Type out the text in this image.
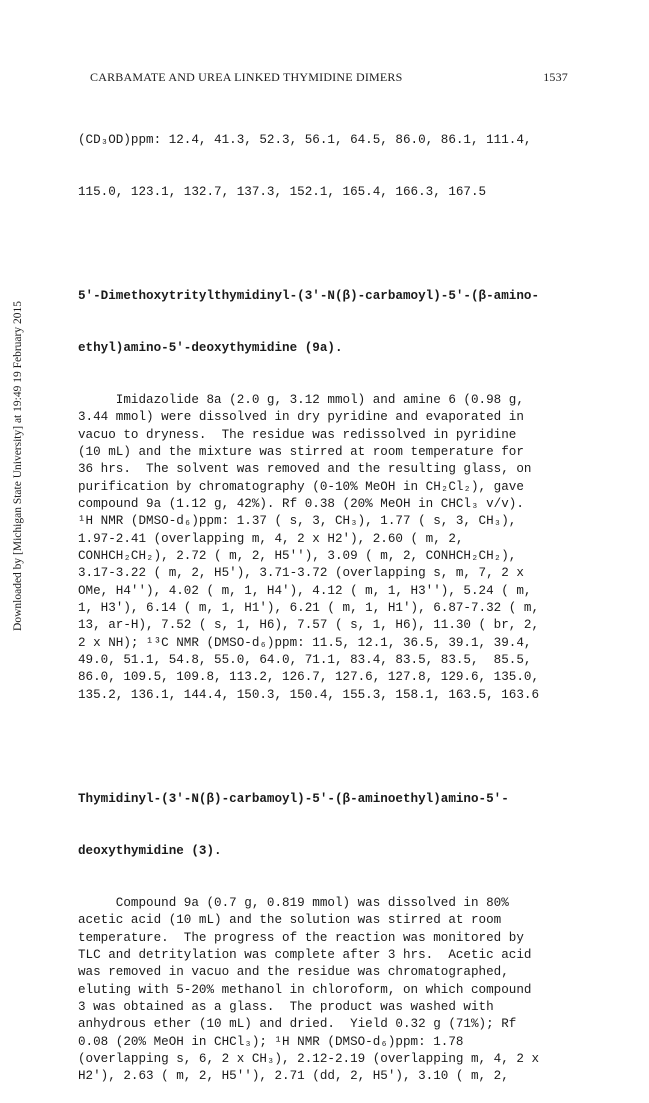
CARBAMATE AND UREA LINKED THYMIDINE DIMERS	1537
Downloaded by [Michigan State University] at 19:49 19 February 2015

(CD₃OD)ppm: 12.4, 41.3, 52.3, 56.1, 64.5, 86.0, 86.1, 111.4,

115.0, 123.1, 132.7, 137.3, 152.1, 165.4, 166.3, 167.5

5'-Dimethoxytritylthymidinyl-(3'-N(β)-carbamoyl)-5'-(β-amino-

ethyl)amino-5'-deoxythymidine (9a).

Imidazolide 8a (2.0 g, 3.12 mmol) and amine 6 (0.98 g,
3.44 mmol) were dissolved in dry pyridine and evaporated in
vacuo to dryness.  The residue was redissolved in pyridine
(10 mL) and the mixture was stirred at room temperature for
36 hrs.  The solvent was removed and the resulting glass, on
purification by chromatography (0-10% MeOH in CH₂Cl₂), gave
compound 9a (1.12 g, 42%). Rf 0.38 (20% MeOH in CHCl₃ v/v).
¹H NMR (DMSO-d₆)ppm: 1.37 ( s, 3, CH₃), 1.77 ( s, 3, CH₃),
1.97-2.41 (overlapping m, 4, 2 x H2'), 2.60 ( m, 2,
CONHCH₂CH₂), 2.72 ( m, 2, H5''), 3.09 ( m, 2, CONHCH₂CH₂),
3.17-3.22 ( m, 2, H5'), 3.71-3.72 (overlapping s, m, 7, 2 x
OMe, H4''), 4.02 ( m, 1, H4'), 4.12 ( m, 1, H3''), 5.24 ( m,
1, H3'), 6.14 ( m, 1, H1'), 6.21 ( m, 1, H1'), 6.87-7.32 ( m,
13, ar-H), 7.52 ( s, 1, H6), 7.57 ( s, 1, H6), 11.30 ( br, 2,
2 x NH); ¹³C NMR (DMSO-d₆)ppm: 11.5, 12.1, 36.5, 39.1, 39.4,
49.0, 51.1, 54.8, 55.0, 64.0, 71.1, 83.4, 83.5, 83.5,  85.5,
86.0, 109.5, 109.8, 113.2, 126.7, 127.6, 127.8, 129.6, 135.0,
135.2, 136.1, 144.4, 150.3, 150.4, 155.3, 158.1, 163.5, 163.6

Thymidinyl-(3'-N(β)-carbamoyl)-5'-(β-aminoethyl)amino-5'-

deoxythymidine (3).

Compound 9a (0.7 g, 0.819 mmol) was dissolved in 80%
acetic acid (10 mL) and the solution was stirred at room
temperature.  The progress of the reaction was monitored by
TLC and detritylation was complete after 3 hrs.  Acetic acid
was removed in vacuo and the residue was chromatographed,
eluting with 5-20% methanol in chloroform, on which compound
3 was obtained as a glass.  The product was washed with
anhydrous ether (10 mL) and dried.  Yield 0.32 g (71%); Rf
0.08 (20% MeOH in CHCl₃); ¹H NMR (DMSO-d₆)ppm: 1.78
(overlapping s, 6, 2 x CH₃), 2.12-2.19 (overlapping m, 4, 2 x
H2'), 2.63 ( m, 2, H5''), 2.71 (dd, 2, H5'), 3.10 ( m, 2,
